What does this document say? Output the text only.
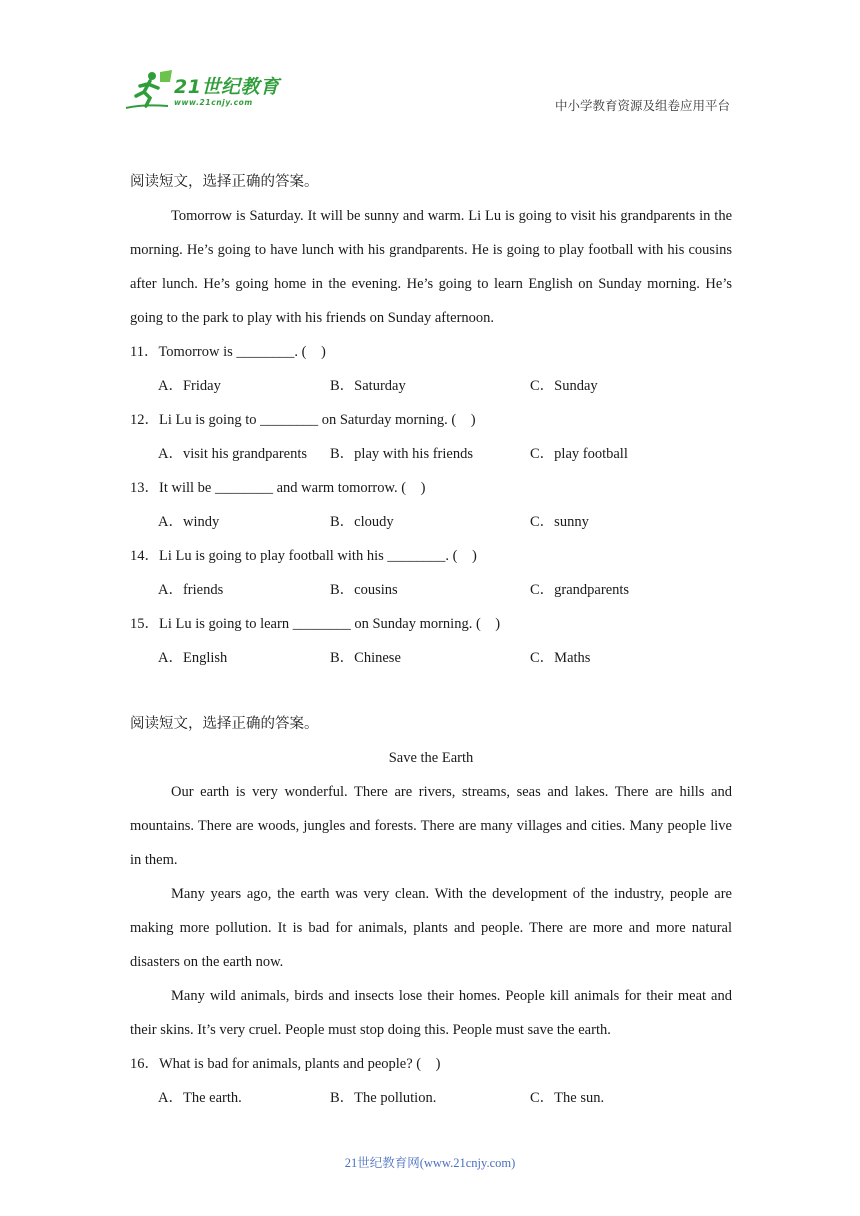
21世纪教育
www.21cnjy.com	中小学教育资源及组卷应用平台
阅读短文，选择正确的答案。

Tomorrow is Saturday. It will be sunny and warm. Li Lu is going to visit his grandparents in the morning. He’s going to have lunch with his grandparents. He is going to play football with his cousins after lunch. He’s going home in the evening. He’s going to learn English on Sunday morning. He’s going to the park to play with his friends on Sunday afternoon.

11．Tomorrow is ________. (　)
A．Friday	B．Saturday	C．Sunday
12．Li Lu is going to ________ on Saturday morning. (　)
A．visit his grandparents B．play with his friends	C．play football
13．It will be ________ and warm tomorrow. (　)
A．windy	B．cloudy	C．sunny
14．Li Lu is going to play football with his ________. (　)
A．friends	B．cousins	C．grandparents
15．Li Lu is going to learn ________ on Sunday morning. (　)
A．English	B．Chinese	C．Maths
阅读短文，选择正确的答案。
Save the Earth

Our earth is very wonderful. There are rivers, streams, seas and lakes. There are hills and mountains. There are woods, jungles and forests. There are many villages and cities. Many people live in them.

Many years ago, the earth was very clean. With the development of the industry, people are making more pollution. It is bad for animals, plants and people. There are more and more natural disasters on the earth now.

Many wild animals, birds and insects lose their homes. People kill animals for their meat and their skins. It’s very cruel. People must stop doing this. People must save the earth.

16．What is bad for animals, plants and people? (　)
A．The earth.	B．The pollution.	C．The sun.
21世纪教育网(www.21cnjy.com)
